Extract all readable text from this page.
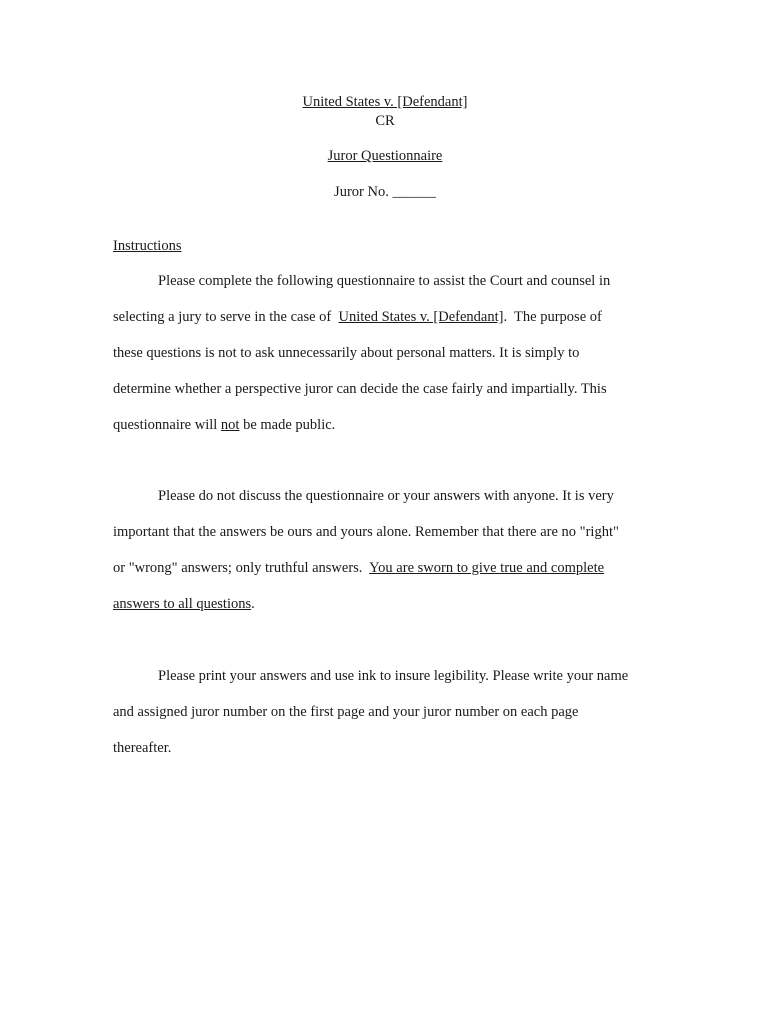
United States v. [Defendant]
CR
Juror Questionnaire
Juror No. ______
Instructions
Please complete the following questionnaire to assist the Court and counsel in
selecting a jury to serve in the case of  United States v. [Defendant].  The purpose of
these questions is not to ask unnecessarily about personal matters. It is simply to
determine whether a perspective juror can decide the case fairly and impartially. This
questionnaire will not be made public.
Please do not discuss the questionnaire or your answers with anyone. It is very
important that the answers be ours and yours alone. Remember that there are no "right"
or "wrong" answers; only truthful answers.  You are sworn to give true and complete
answers to all questions.
Please print your answers and use ink to insure legibility. Please write your name
and assigned juror number on the first page and your juror number on each page
thereafter.
